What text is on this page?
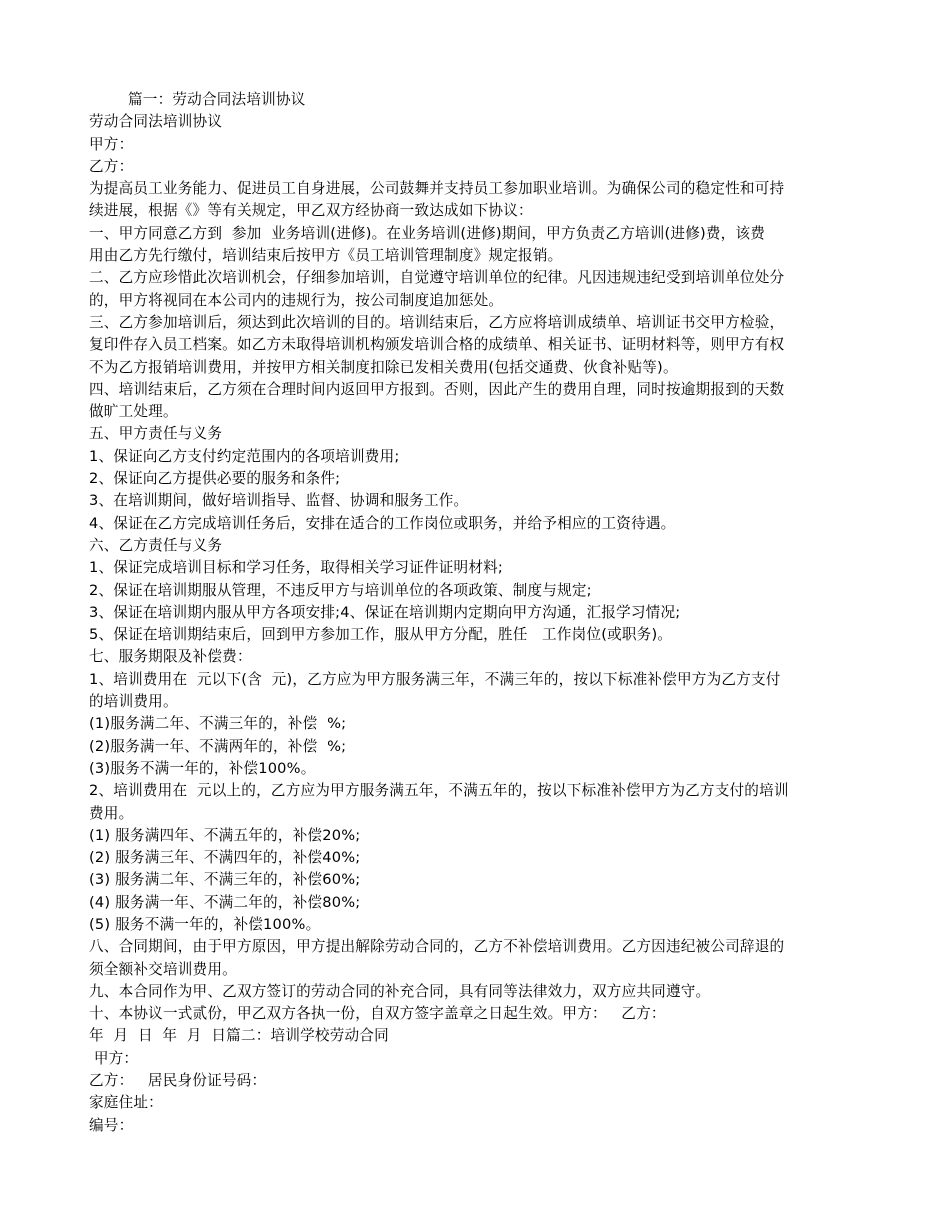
篇一：劳动合同法培训协议
劳动合同法培训协议
甲方：
乙方：
为提高员工业务能力、促进员工自身进展，公司鼓舞并支持员工参加职业培训。为确保公司的稳定性和可持
续进展，根据《》等有关规定，甲乙双方经协商一致达成如下协议：
一、甲方同意乙方到  参加  业务培训(进修)。在业务培训(进修)期间，甲方负责乙方培训(进修)费，该费
用由乙方先行缴付，培训结束后按甲方《员工培训管理制度》规定报销。
二、乙方应珍惜此次培训机会，仔细参加培训，自觉遵守培训单位的纪律。凡因违规违纪受到培训单位处分
的，甲方将视同在本公司内的违规行为，按公司制度追加惩处。
三、乙方参加培训后，须达到此次培训的目的。培训结束后，乙方应将培训成绩单、培训证书交甲方检验，
复印件存入员工档案。如乙方未取得培训机构颁发培训合格的成绩单、相关证书、证明材料等，则甲方有权
不为乙方报销培训费用，并按甲方相关制度扣除已发相关费用(包括交通费、伙食补贴等)。
四、培训结束后，乙方须在合理时间内返回甲方报到。否则，因此产生的费用自理，同时按逾期报到的天数
做旷工处理。
五、甲方责任与义务
1、保证向乙方支付约定范围内的各项培训费用;
2、保证向乙方提供必要的服务和条件;
3、在培训期间，做好培训指导、监督、协调和服务工作。
4、保证在乙方完成培训任务后，安排在适合的工作岗位或职务，并给予相应的工资待遇。
六、乙方责任与义务
1、保证完成培训目标和学习任务，取得相关学习证件证明材料;
2、保证在培训期服从管理，不违反甲方与培训单位的各项政策、制度与规定;
3、保证在培训期内服从甲方各项安排;4、保证在培训期内定期向甲方沟通，汇报学习情况;
5、保证在培训期结束后，回到甲方参加工作，服从甲方分配，胜任   工作岗位(或职务)。
七、服务期限及补偿费：
1、培训费用在  元以下(含  元)，乙方应为甲方服务满三年，不满三年的，按以下标准补偿甲方为乙方支付
的培训费用。
(1)服务满二年、不满三年的，补偿  %;
(2)服务满一年、不满两年的，补偿  %;
(3)服务不满一年的，补偿100%。
2、培训费用在  元以上的，乙方应为甲方服务满五年，不满五年的，按以下标准补偿甲方为乙方支付的培训
费用。
(1) 服务满四年、不满五年的，补偿20%;
(2) 服务满三年、不满四年的，补偿40%;
(3) 服务满二年、不满三年的，补偿60%;
(4) 服务满一年、不满二年的，补偿80%;
(5) 服务不满一年的，补偿100%。
八、合同期间，由于甲方原因，甲方提出解除劳动合同的，乙方不补偿培训费用。乙方因违纪被公司辞退的
须全额补交培训费用。
九、本合同作为甲、乙双方签订的劳动合同的补充合同，具有同等法律效力，双方应共同遵守。
十、本协议一式贰份，甲乙双方各执一份，自双方签字盖章之日起生效。甲方：   乙方：
年  月  日  年  月  日篇二：培训学校劳动合同
甲方：
乙方：   居民身份证号码：
家庭住址：
编号：
